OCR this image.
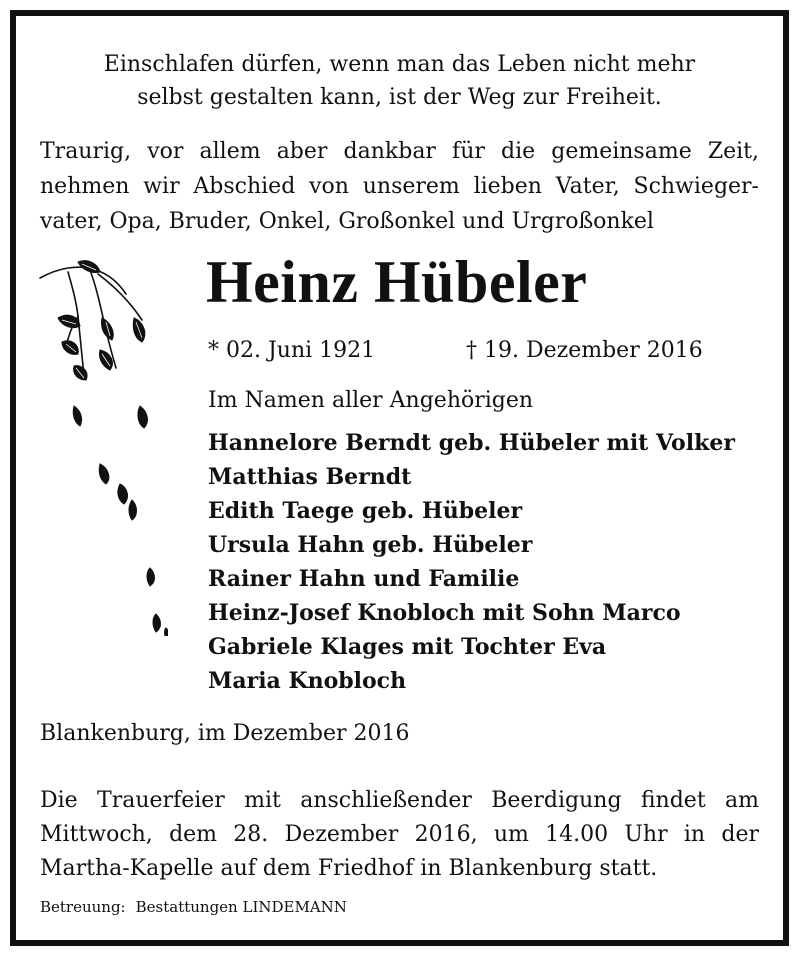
Einschlafen dürfen, wenn man das Leben nicht mehr
selbst gestalten kann, ist der Weg zur Freiheit.
Traurig, vor allem aber dankbar für die gemeinsame Zeit,
nehmen wir Abschied von unserem lieben Vater, Schwieger-
vater, Opa, Bruder, Onkel, Großonkel und Urgroßonkel
Heinz Hübeler
* 02. Juni 1921	† 19. Dezember 2016
Im Namen aller Angehörigen
Hannelore Berndt geb. Hübeler mit Volker
Matthias Berndt
Edith Taege geb. Hübeler
Ursula Hahn geb. Hübeler
Rainer Hahn und Familie
Heinz-Josef Knobloch mit Sohn Marco
Gabriele Klages mit Tochter Eva
Maria Knobloch
Blankenburg, im Dezember 2016
Die Trauerfeier mit anschließender Beerdigung findet am
Mittwoch, dem 28. Dezember 2016, um 14.00 Uhr in der
Martha-Kapelle auf dem Friedhof in Blankenburg statt.
Betreuung: Bestattungen LINDEMANN
